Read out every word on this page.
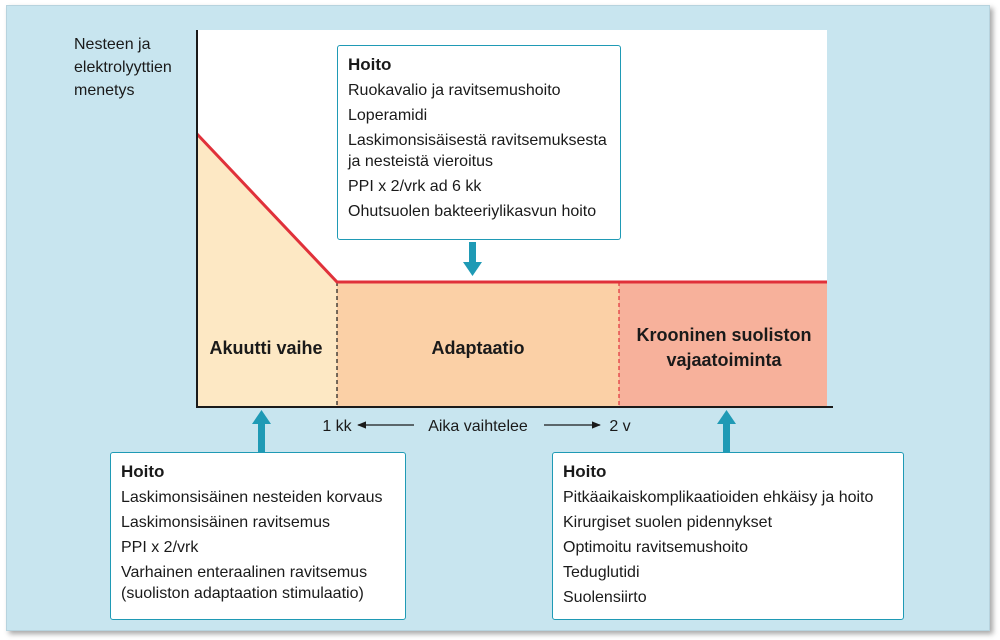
Nesteen ja
elektrolyyttien
menetys
Akuutti vaihe	Adaptaatio
Krooninen suoliston
vajaatoiminta
1 kk	Aika vaihtelee	2 v
Hoito
Ruokavalio ja ravitsemushoito
Loperamidi
Laskimonsisäisestä ravitsemuksesta ja nesteistä vieroitus
PPI x 2/vrk ad 6 kk
Ohutsuolen bakteeriylikasvun hoito
Hoito
Laskimonsisäinen nesteiden korvaus
Laskimonsisäinen ravitsemus
PPI x 2/vrk
Varhainen enteraalinen ravitsemus (suoliston adaptaation stimulaatio)
Hoito
Pitkäaikaiskomplikaatioiden ehkäisy ja hoito
Kirurgiset suolen pidennykset
Optimoitu ravitsemushoito
Teduglutidi
Suolensiirto
